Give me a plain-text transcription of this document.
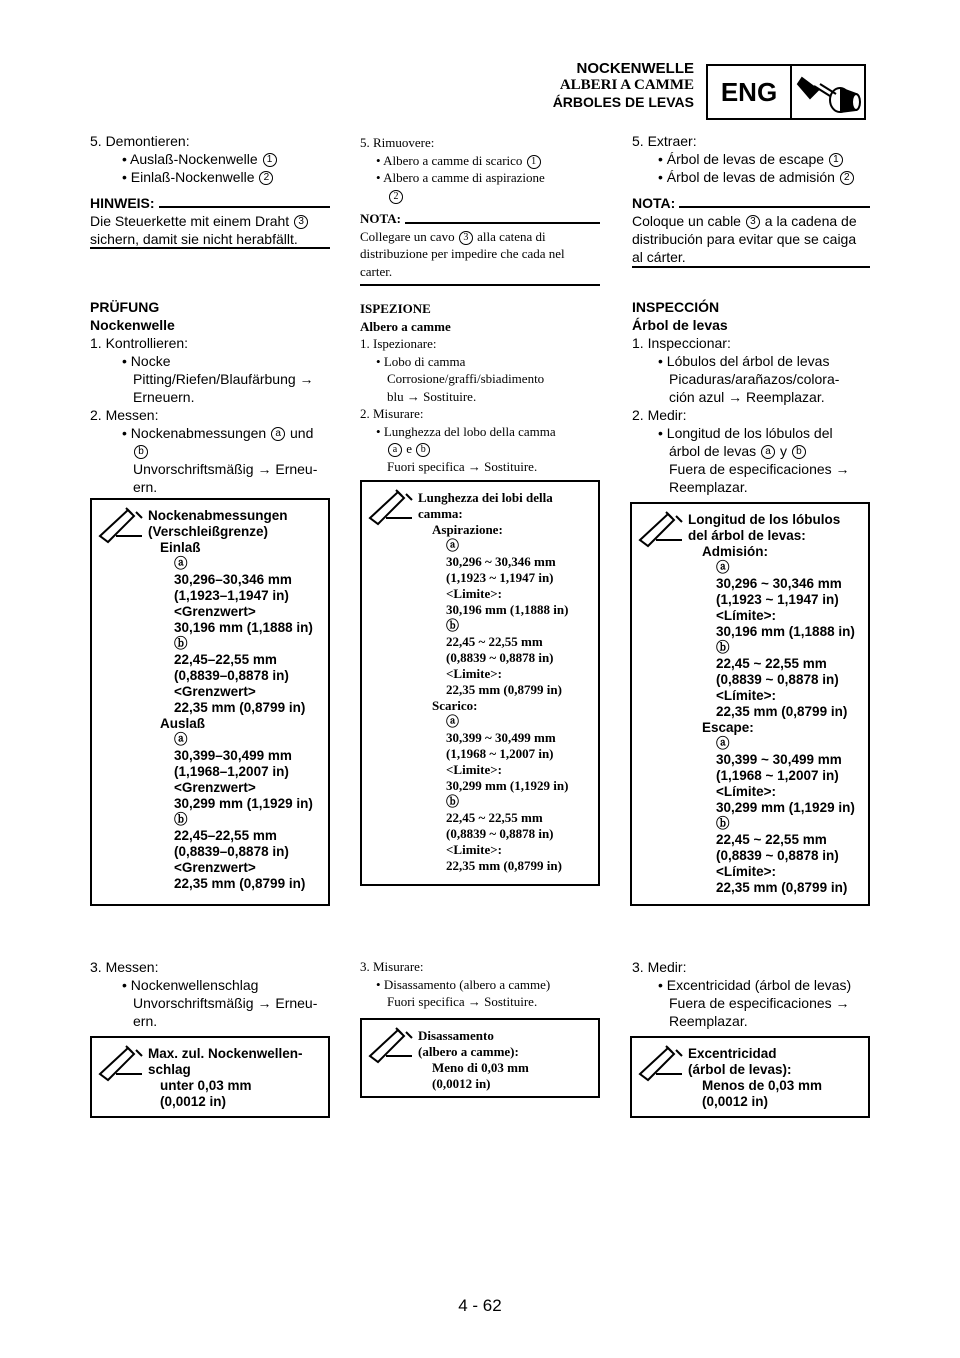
NOCKENWELLE
ALBERI A CAMME
ÁRBOLES DE LEVAS	ENG
5. Demontieren:
• Auslaß-Nockenwelle 1
• Einlaß-Nockenwelle 2
HINWEIS:
Die Steuerkette mit einem Draht 3
sichern, damit sie nicht herabfällt.
PRÜFUNG
Nockenwelle
1. Kontrollieren:
• Nocke
Pitting/Riefen/Blaufärbung →
Erneuern.
2. Messen:
• Nockenabmessungen a und
b
Unvorschriftsmäßig → Erneu-
ern.
Nockenabmessungen
(Verschleißgrenze)
Einlaß
ⓐ
30,296–30,346 mm
(1,1923–1,1947 in)
<Grenzwert>
30,196 mm (1,1888 in)
ⓑ
22,45–22,55 mm
(0,8839–0,8878 in)
<Grenzwert>
22,35 mm (0,8799 in)
Auslaß
ⓐ
30,399–30,499 mm
(1,1968–1,2007 in)
<Grenzwert>
30,299 mm (1,1929 in)
ⓑ
22,45–22,55 mm
(0,8839–0,8878 in)
<Grenzwert>
22,35 mm (0,8799 in)
3. Messen:
• Nockenwellenschlag
Unvorschriftsmäßig → Erneu-
ern.
Max. zul. Nockenwellen-
schlag
unter 0,03 mm
(0,0012 in)
5. Rimuovere:
• Albero a camme di scarico 1
• Albero a camme di aspirazione
2
NOTA:
Collegare un cavo 3 alla catena di
distribuzione per impedire che cada nel
carter.
ISPEZIONE
Albero a camme
1. Ispezionare:
• Lobo di camma
Corrosione/graffi/sbiadimento
blu → Sostituire.
2. Misurare:
• Lunghezza del lobo della camma
a e b
Fuori specifica → Sostituire.
Lunghezza dei lobi della
camma:
Aspirazione:
ⓐ
30,296 ~ 30,346 mm
(1,1923 ~ 1,1947 in)
<Limite>:
30,196 mm (1,1888 in)
ⓑ
22,45 ~ 22,55 mm
(0,8839 ~ 0,8878 in)
<Limite>:
22,35 mm (0,8799 in)
Scarico:
ⓐ
30,399 ~ 30,499 mm
(1,1968 ~ 1,2007 in)
<Limite>:
30,299 mm (1,1929 in)
ⓑ
22,45 ~ 22,55 mm
(0,8839 ~ 0,8878 in)
<Limite>:
22,35 mm (0,8799 in)
3. Misurare:
• Disassamento (albero a camme)
Fuori specifica → Sostituire.
Disassamento
(albero a camme):
Meno di 0,03 mm
(0,0012 in)
5. Extraer:
• Árbol de levas de escape 1
• Árbol de levas de admisión 2
NOTA:
Coloque un cable 3 a la cadena de
distribución para evitar que se caiga
al cárter.
INSPECCIÓN
Árbol de levas
1. Inspeccionar:
• Lóbulos del árbol de levas
Picaduras/arañazos/colora-
ción azul → Reemplazar.
2. Medir:
• Longitud de los lóbulos del
árbol de levas a y b
Fuera de especificaciones →
Reemplazar.
Longitud de los lóbulos
del árbol de levas:
Admisión:
ⓐ
30,296 ~ 30,346 mm
(1,1923 ~ 1,1947 in)
<Límite>:
30,196 mm (1,1888 in)
ⓑ
22,45 ~ 22,55 mm
(0,8839 ~ 0,8878 in)
<Límite>:
22,35 mm (0,8799 in)
Escape:
ⓐ
30,399 ~ 30,499 mm
(1,1968 ~ 1,2007 in)
<Límite>:
30,299 mm (1,1929 in)
ⓑ
22,45 ~ 22,55 mm
(0,8839 ~ 0,8878 in)
<Límite>:
22,35 mm (0,8799 in)
3. Medir:
• Excentricidad (árbol de levas)
Fuera de especificaciones →
Reemplazar.
Excentricidad
(árbol de levas):
Menos de 0,03 mm
(0,0012 in)
4 - 62
